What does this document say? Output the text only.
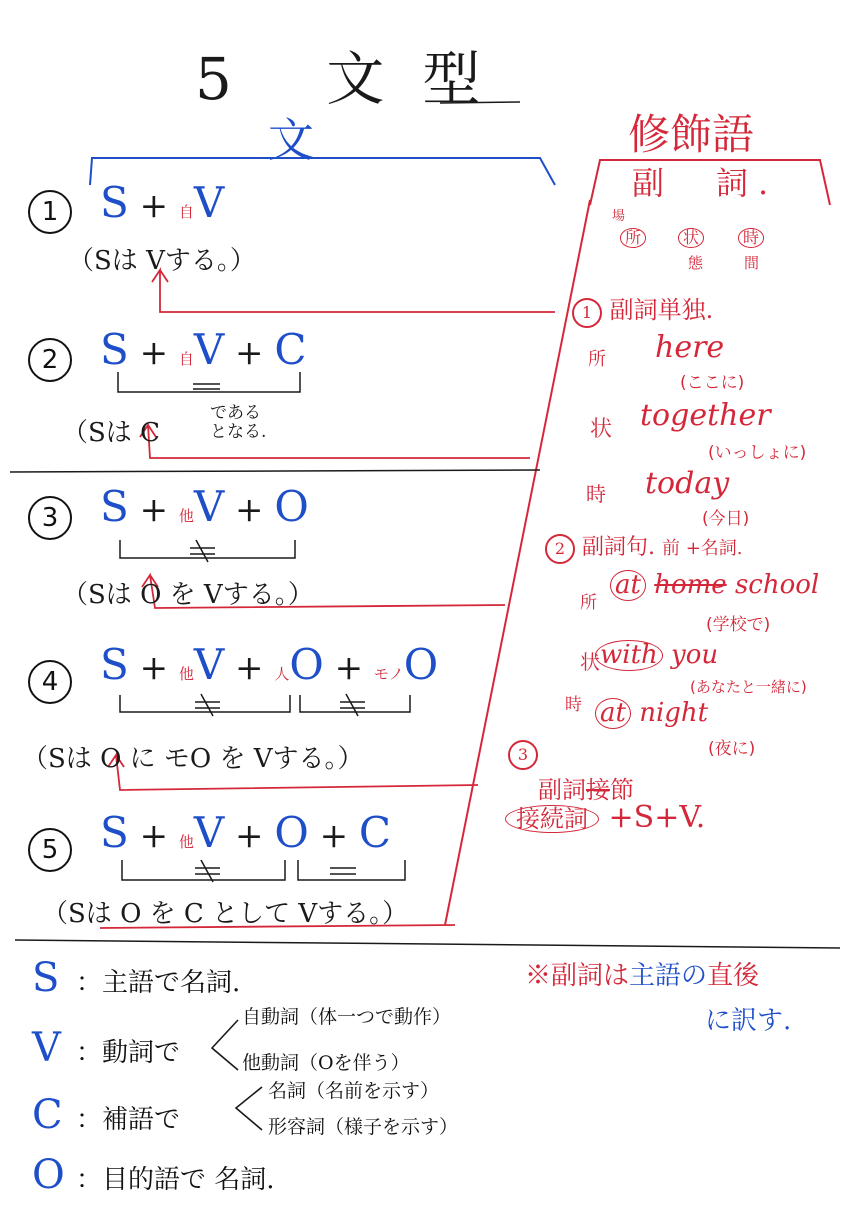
5 文型
文	修飾語
副　詞.
場
所	状
態
時
間
1 S + 自V
（Sは Vする。）
2 S + 自V + C
（Sは C
である
となる.
3 S + 他V + O
（Sは O を Vする。）
4 S + 他V + 人O + モノO
（Sは O に モO を Vする。）
5 S + 他V + O + C
（Sは O を C として Vする。）
1 副詞単独.
所 here
(ここに)
状 together
(いっしょに)
時 today
(今日)
2 副詞句. 前 +名詞.
所
at home school
(学校で)
状 with you
(あなたと一緒に)
時 at night
(夜に)
3
副詞接節
接続詞 +S+V.
※副詞は主語の直後
に訳す.
S ：主語で名詞.
V ：動詞で
自動詞（体一つで動作）
他動詞（Oを伴う）
C ：補語で
名詞（名前を示す）
形容詞（様子を示す）
O ：目的語で 名詞.
